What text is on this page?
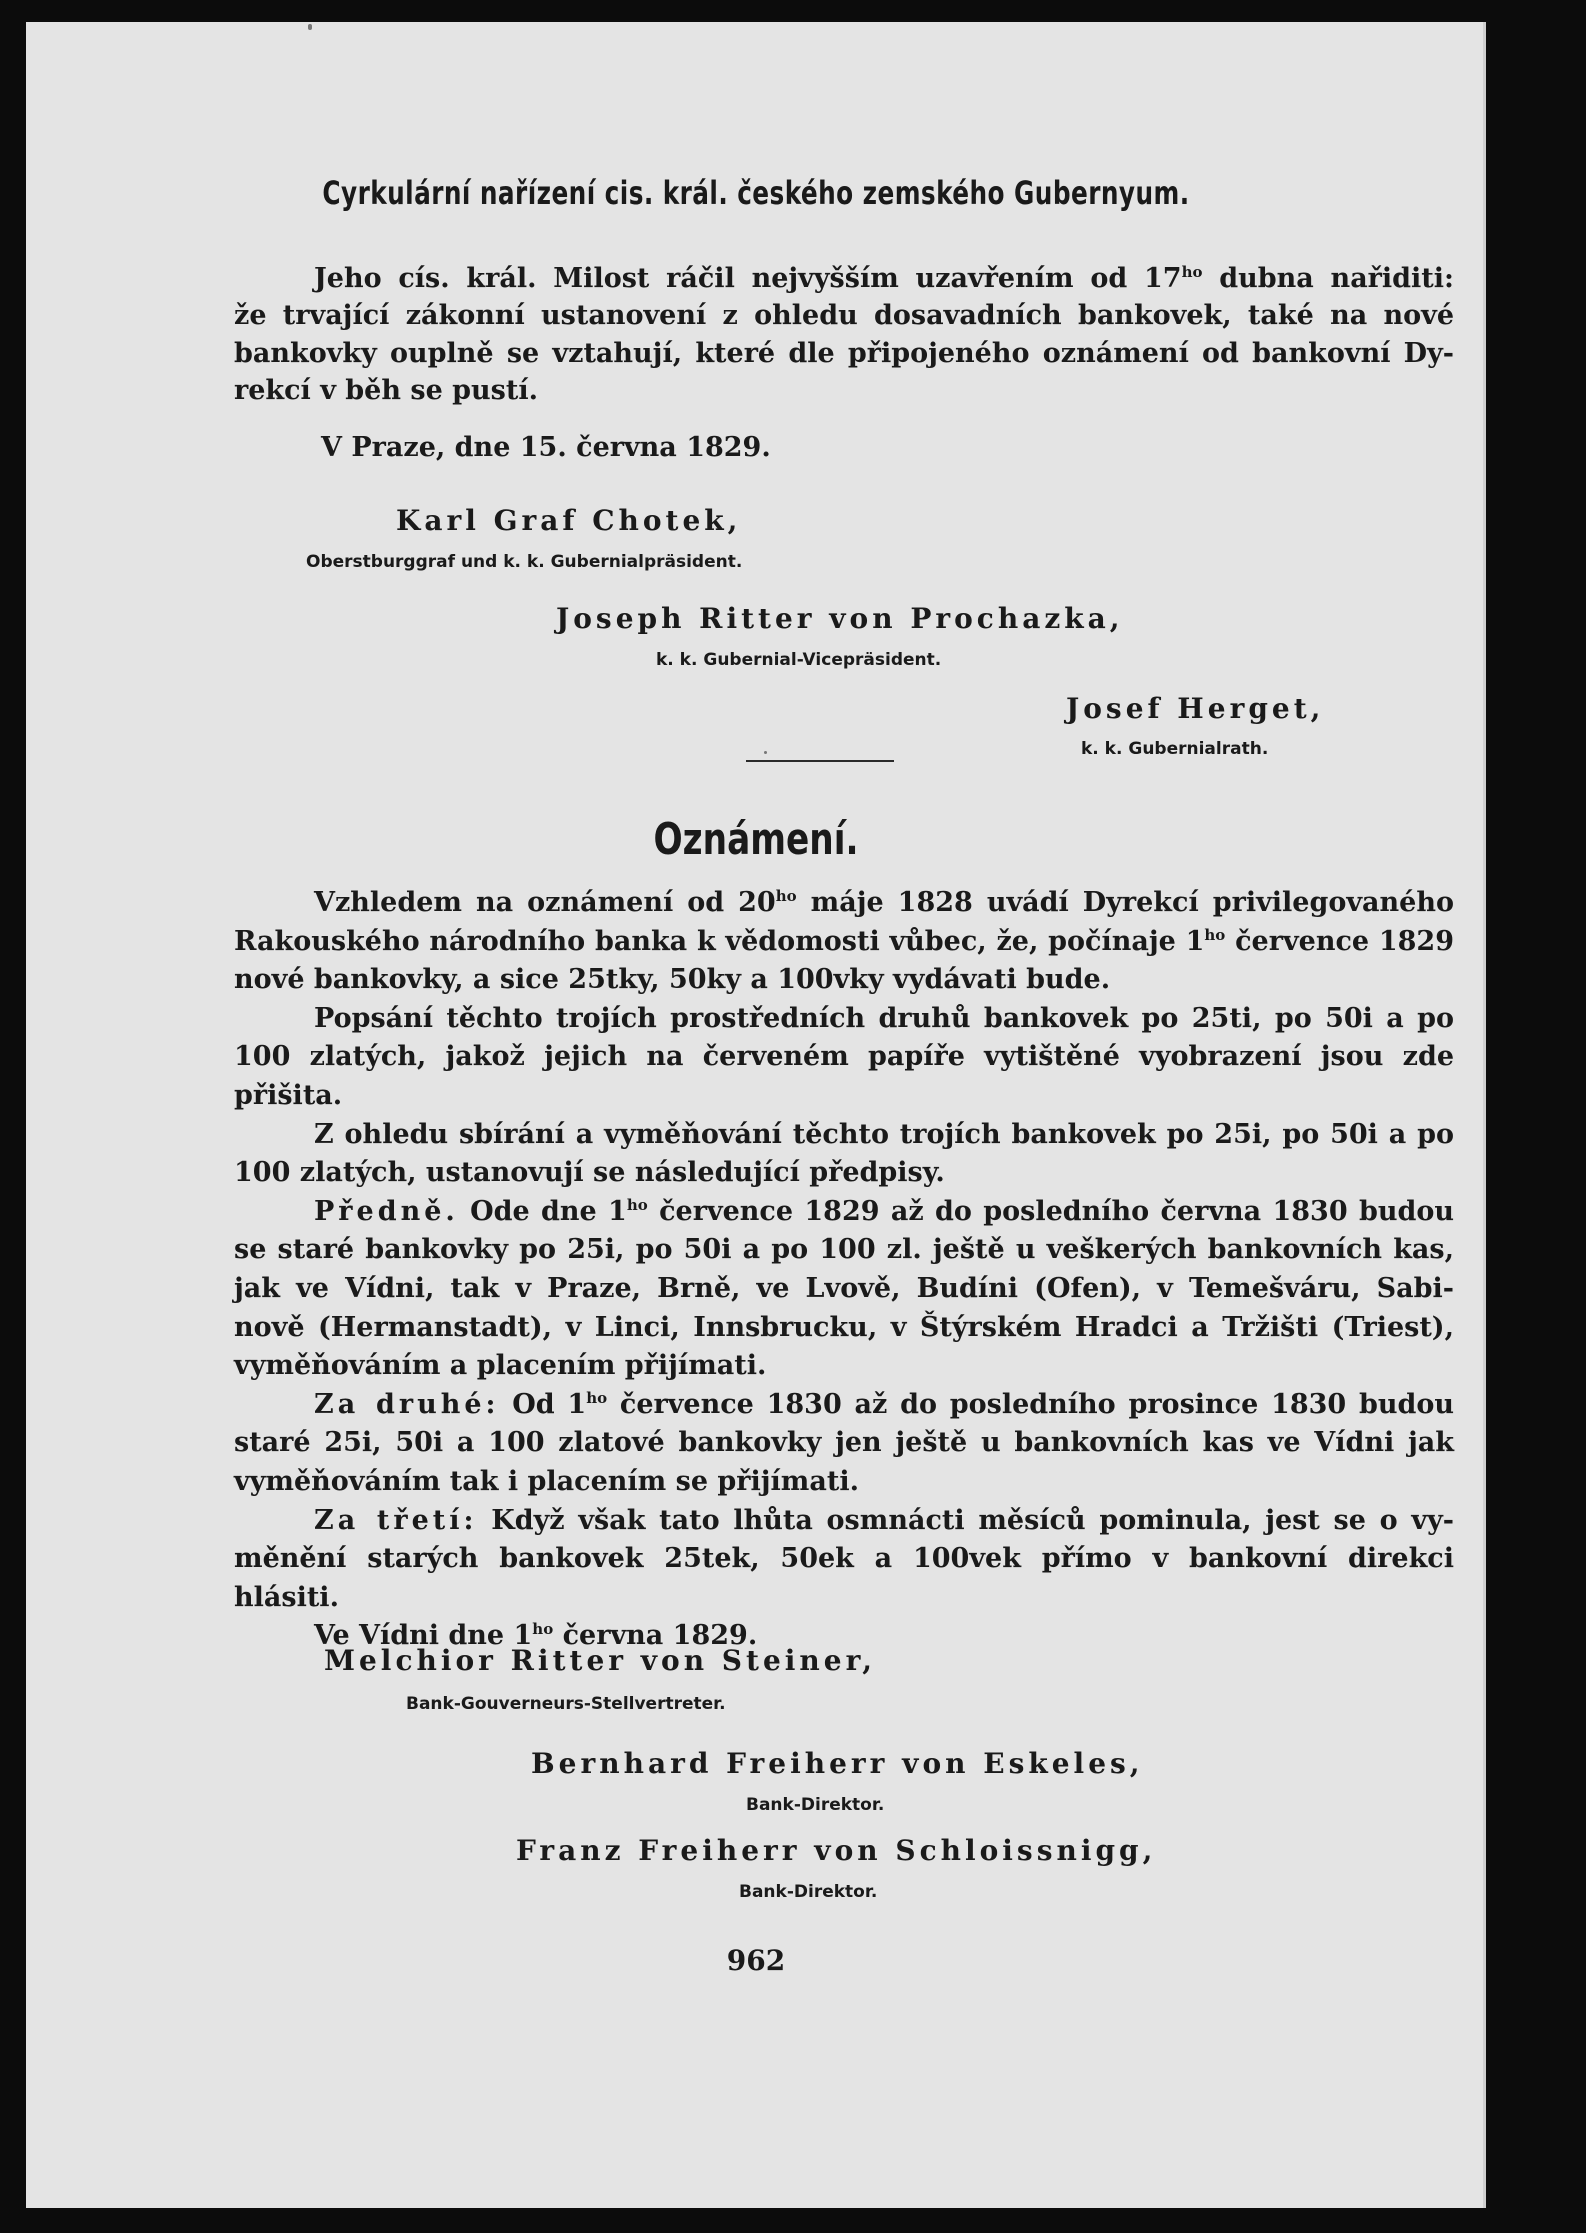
Cyrkulární nařízení cis. král. českého zemského Gubernyum.
Jeho cís. král. Milost ráčil nejvyšším uzavřením od $17^{ho}$ dubna nařiditi:
že trvající zákonní ustanovení z ohledu dosavadních bankovek, také na nové
bankovky ouplně se vztahují, které dle připojeného oznámení od bankovní Dy-
rekcí v běh se pustí.
V Praze, dne 15. června 1829.
Karl Graf Chotek,
Oberstburggraf und k. k. Gubernialpräsident.
Joseph Ritter von Prochazka,
k. k. Gubernial-Vicepräsident.
Josef Herget,
k. k. Gubernialrath.
Oznámení.
Vzhledem na oznámení od $20^{ho}$ máje 1828 uvádí Dyrekcí privilegovaného
Rakouského národního banka k vědomosti vůbec, že, počínaje $1^{ho}$ července 1829
nové bankovky, a sice 25tky, 50ky a 100vky vydávati bude.
Popsání těchto trojích prostředních druhů bankovek po 25ti, po 50i a po
100 zlatých, jakož jejich na červeném papíře vytištěné vyobrazení jsou zde přišita.
Z ohledu sbírání a vyměňování těchto trojích bankovek po 25i, po 50i a po
100 zlatých, ustanovují se následující předpisy.
Předně. Ode dne $1^{ho}$ července 1829 až do posledního června 1830 budou
se staré bankovky po 25i, po 50i a po 100 zl. ještě u veškerých bankovních kas,
jak ve Vídni, tak v Praze, Brně, ve Lvově, Budíni (Ofen), v Temešváru, Sabi-
nově (Hermanstadt), v Linci, Innsbrucku, v Štýrském Hradci a Tržišti (Triest),
vyměňováním a placením přijímati.
Za druhé: Od $1^{ho}$ července 1830 až do posledního prosince 1830 budou
staré 25i, 50i a 100 zlatové bankovky jen ještě u bankovních kas ve Vídni jak
vyměňováním tak i placením se přijímati.
Za třetí: Když však tato lhůta osmnácti měsíců pominula, jest se o vy-
měnění starých bankovek 25tek, 50ek a 100vek přímo v bankovní direkci hlásiti.
Ve Vídni dne $1^{ho}$ června 1829.
Melchior Ritter von Steiner,
Bank-Gouverneurs-Stellvertreter.
Bernhard Freiherr von Eskeles,
Bank-Direktor.
Franz Freiherr von Schloissnigg,
Bank-Direktor.
962
